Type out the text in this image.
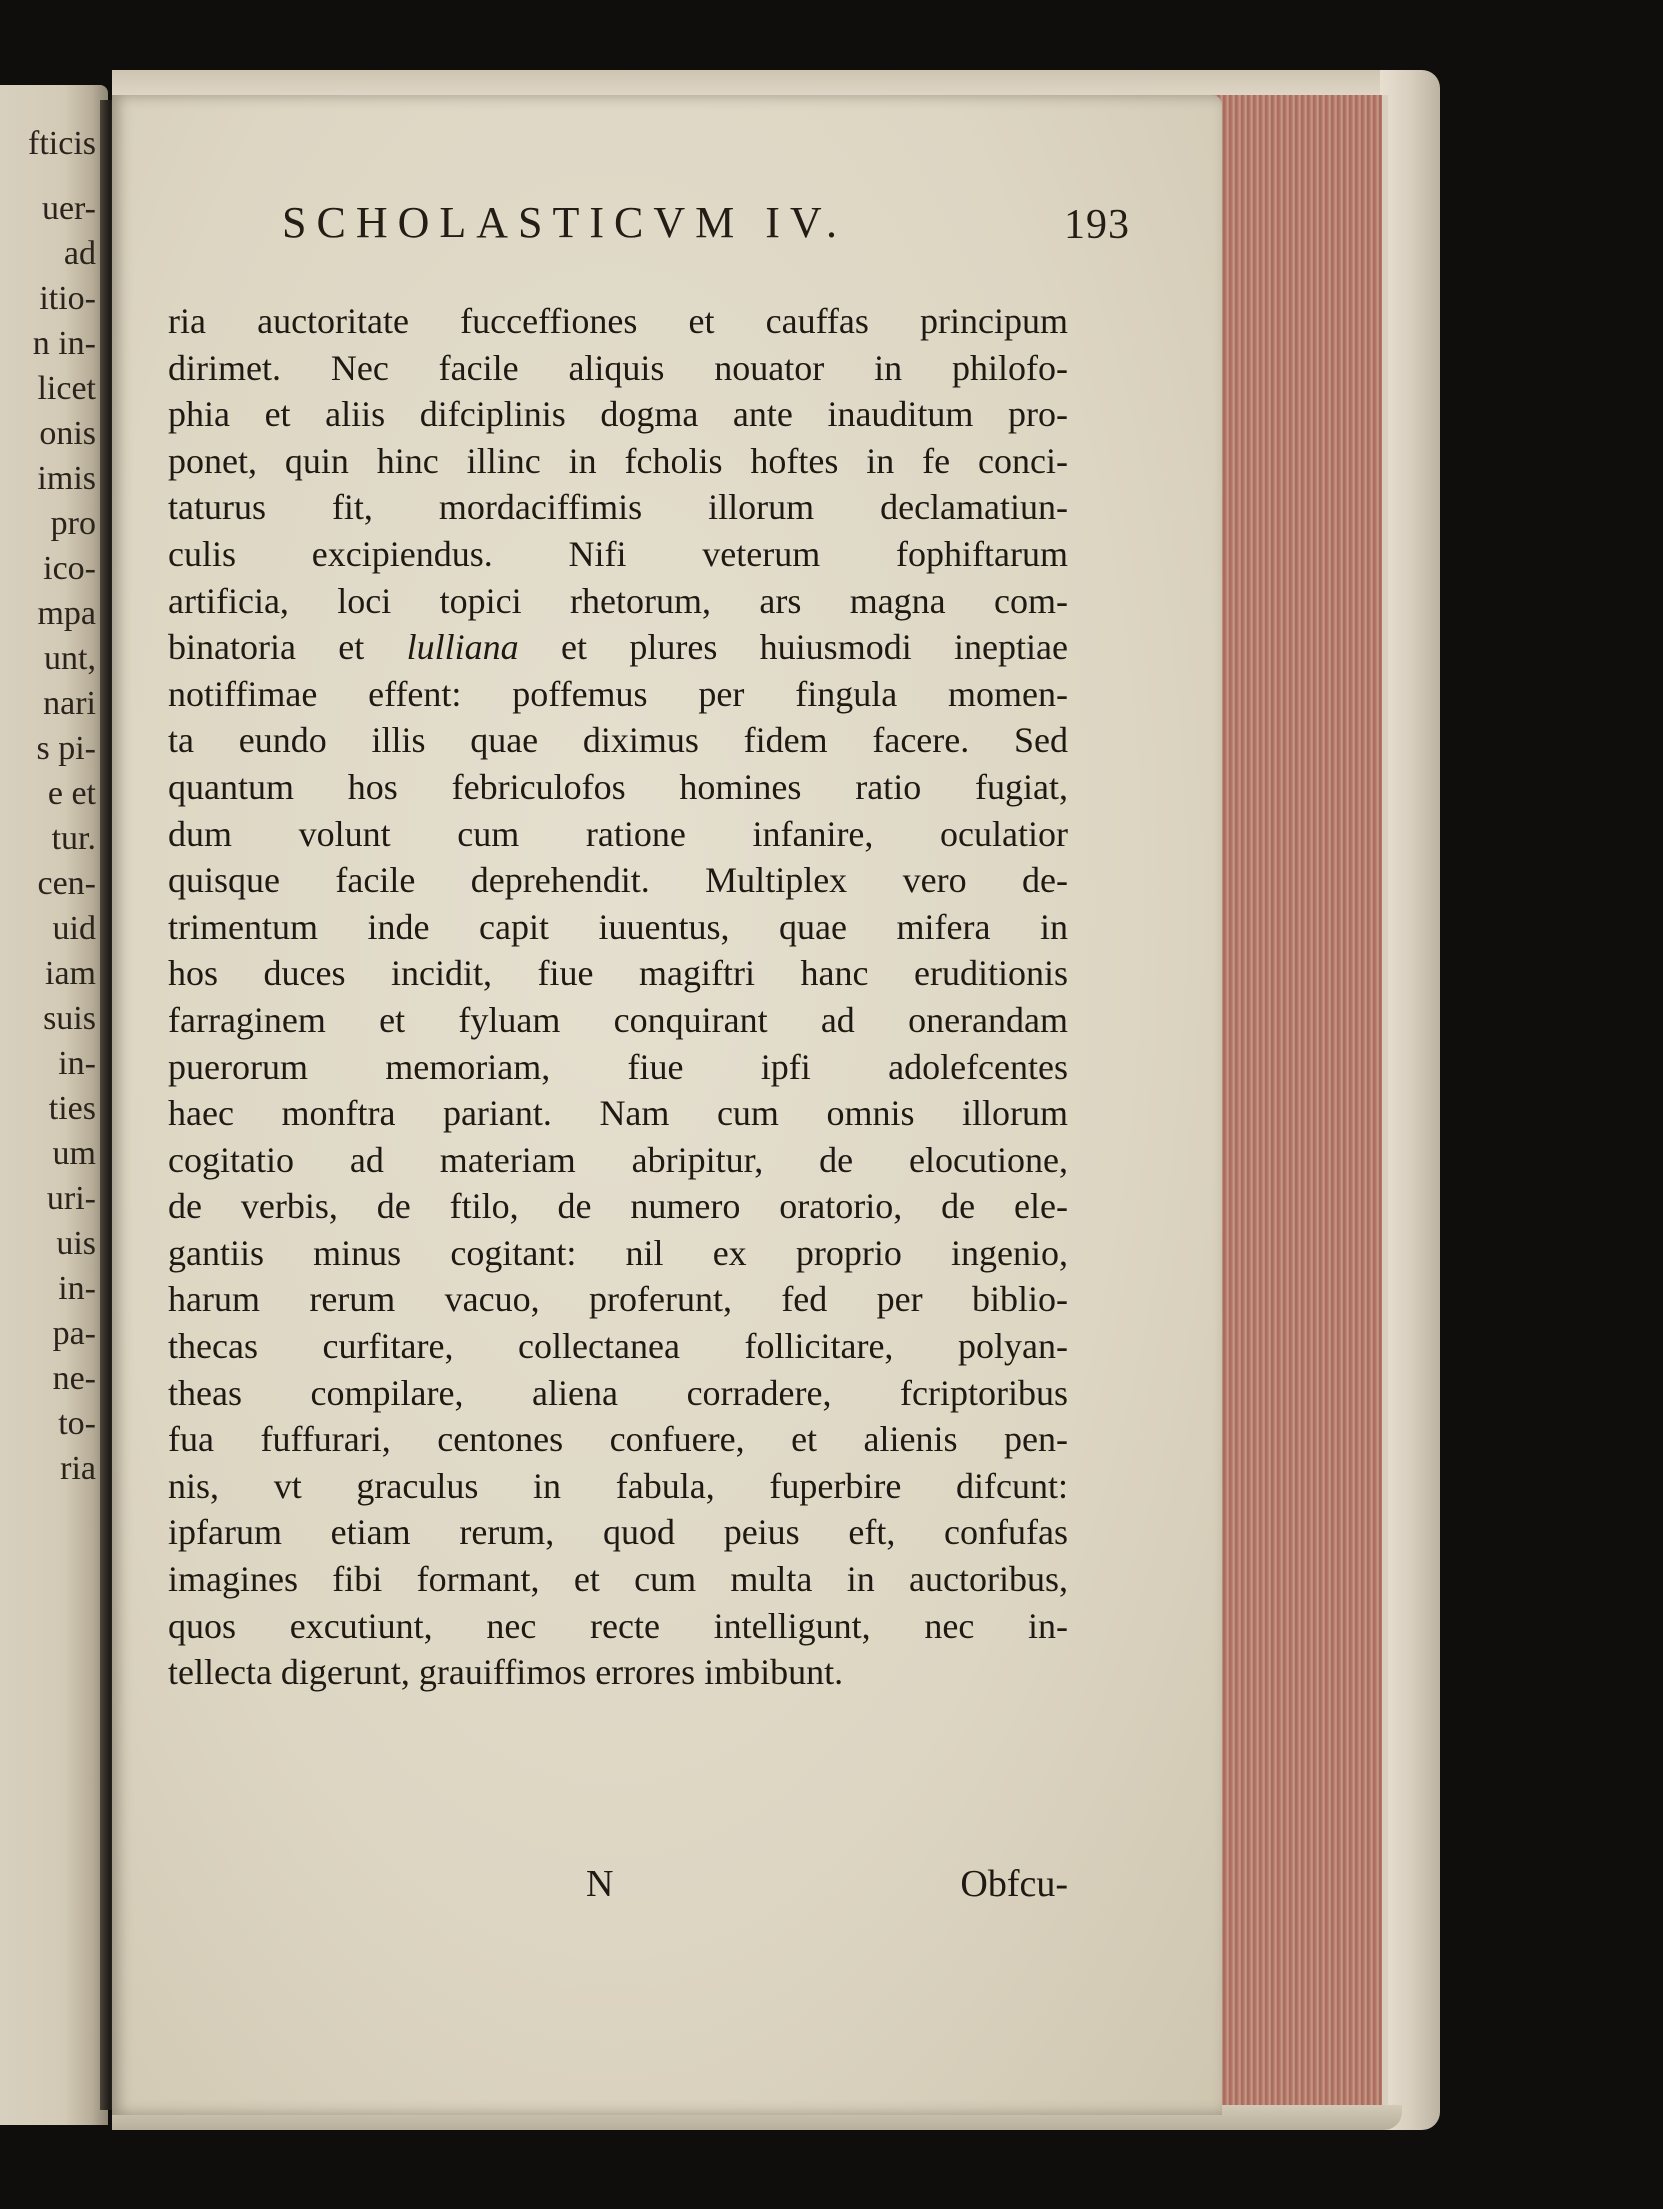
fticis
uer-
ad
itio-
n in-
licet
onis
imis
pro
ico-
mpa
unt,
nari
s pi-
e et
tur.
cen-
uid
iam
suis
in-
ties
um
uri-
uis
in-
pa-
ne-
to-
ria
SCHOLASTICVM IV.	193
ria auctoritate fucceffiones et cauffas principum
dirimet. Nec facile aliquis nouator in philofo-
phia et aliis difciplinis dogma ante inauditum pro-
ponet, quin hinc illinc in fcholis hoftes in fe conci-
taturus fit, mordaciffimis illorum declamatiun-
culis excipiendus. Nifi veterum fophiftarum
artificia, loci topici rhetorum, ars magna com-
binatoria et lulliana et plures huiusmodi ineptiae
notiffimae effent: poffemus per fingula momen-
ta eundo illis quae diximus fidem facere. Sed
quantum hos febriculofos homines ratio fugiat,
dum volunt cum ratione infanire, oculatior
quisque facile deprehendit. Multiplex vero de-
trimentum inde capit iuuentus, quae mifera in
hos duces incidit, fiue magiftri hanc eruditionis
farraginem et fyluam conquirant ad onerandam
puerorum memoriam, fiue ipfi adolefcentes
haec monftra pariant. Nam cum omnis illorum
cogitatio ad materiam abripitur, de elocutione,
de verbis, de ftilo, de numero oratorio, de ele-
gantiis minus cogitant: nil ex proprio ingenio,
harum rerum vacuo, proferunt, fed per biblio-
thecas curfitare, collectanea follicitare, polyan-
theas compilare, aliena corradere, fcriptoribus
fua fuffurari, centones confuere, et alienis pen-
nis, vt graculus in fabula, fuperbire difcunt:
ipfarum etiam rerum, quod peius eft, confufas
imagines fibi formant, et cum multa in auctoribus,
quos excutiunt, nec recte intelligunt, nec in-
tellecta digerunt, grauiffimos errores imbibunt.
N	Obfcu-
